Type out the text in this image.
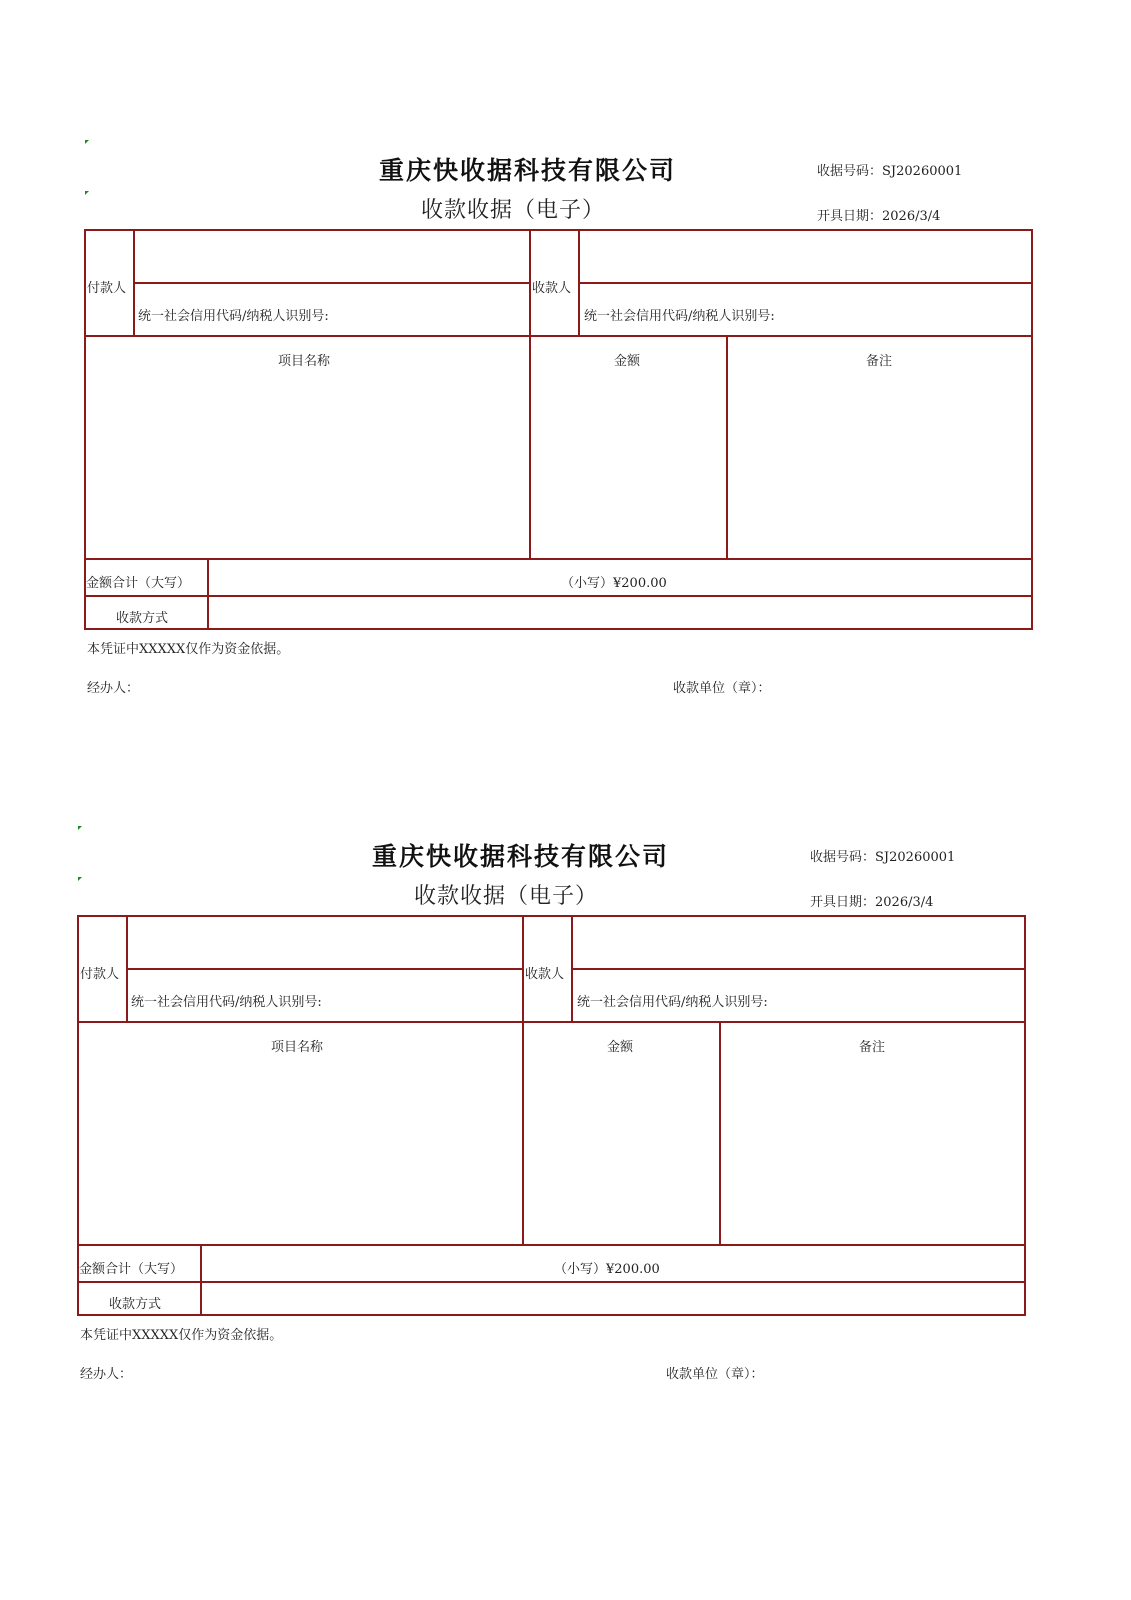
重庆快收据科技有限公司
收款收据（电子）
收据号码：SJ20260001
开具日期：2026/3/4
付款人
统一社会信用代码/纳税人识别号:
收款人
统一社会信用代码/纳税人识别号:
项目名称	金额	备注
金额合计（大写）	（小写）¥200.00
收款方式
本凭证中XXXXX仅作为资金依据。
经办人：	收款单位（章）：
重庆快收据科技有限公司
收款收据（电子）
收据号码：SJ20260001
开具日期：2026/3/4
付款人
统一社会信用代码/纳税人识别号:
收款人
统一社会信用代码/纳税人识别号:
项目名称	金额	备注
金额合计（大写）	（小写）¥200.00
收款方式
本凭证中XXXXX仅作为资金依据。
经办人：	收款单位（章）：
